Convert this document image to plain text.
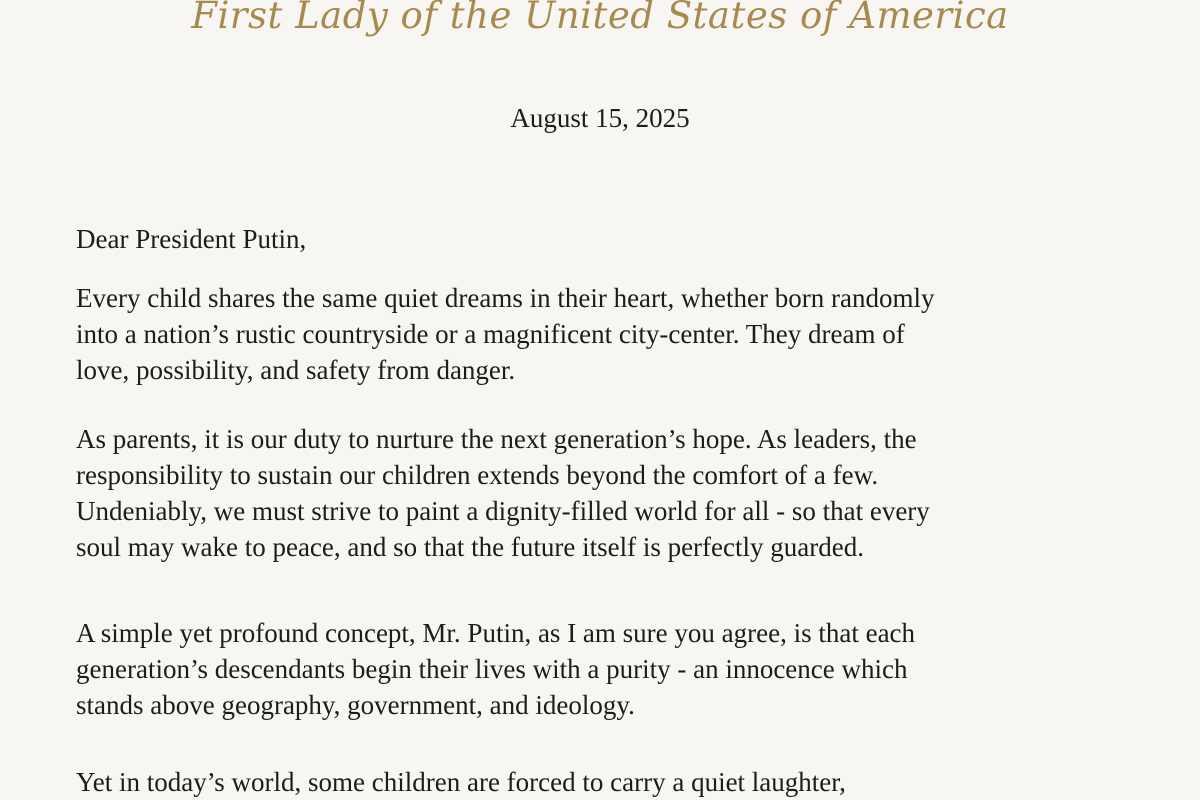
First Lady of the United States of America
August 15, 2025
Dear President Putin,
Every child shares the same quiet dreams in their heart, whether born randomly
into a nation’s rustic countryside or a magnificent city-center. They dream of
love, possibility, and safety from danger.
As parents, it is our duty to nurture the next generation’s hope. As leaders, the
responsibility to sustain our children extends beyond the comfort of a few.
Undeniably, we must strive to paint a dignity-filled world for all - so that every
soul may wake to peace, and so that the future itself is perfectly guarded.
A simple yet profound concept, Mr. Putin, as I am sure you agree, is that each
generation’s descendants begin their lives with a purity - an innocence which
stands above geography, government, and ideology.
Yet in today’s world, some children are forced to carry a quiet laughter,
